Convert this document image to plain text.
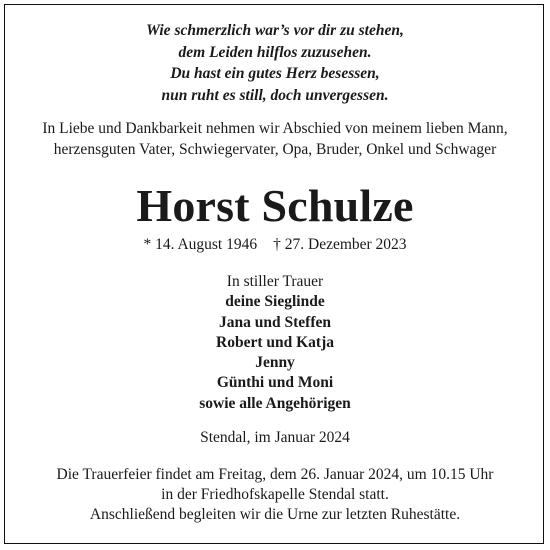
Wie schmerzlich war’s vor dir zu stehen,
dem Leiden hilflos zuzusehen.
Du hast ein gutes Herz besessen,
nun ruht es still, doch unvergessen.
In Liebe und Dankbarkeit nehmen wir Abschied von meinem lieben Mann,
herzensguten Vater, Schwiegervater, Opa, Bruder, Onkel und Schwager
Horst Schulze
* 14. August 1946 † 27. Dezember 2023
In stiller Trauer
deine Sieglinde
Jana und Steffen
Robert und Katja
Jenny
Günthi und Moni
sowie alle Angehörigen
Stendal, im Januar 2024
Die Trauerfeier findet am Freitag, dem 26. Januar 2024, um 10.15 Uhr
in der Friedhofskapelle Stendal statt.
Anschließend begleiten wir die Urne zur letzten Ruhestätte.
